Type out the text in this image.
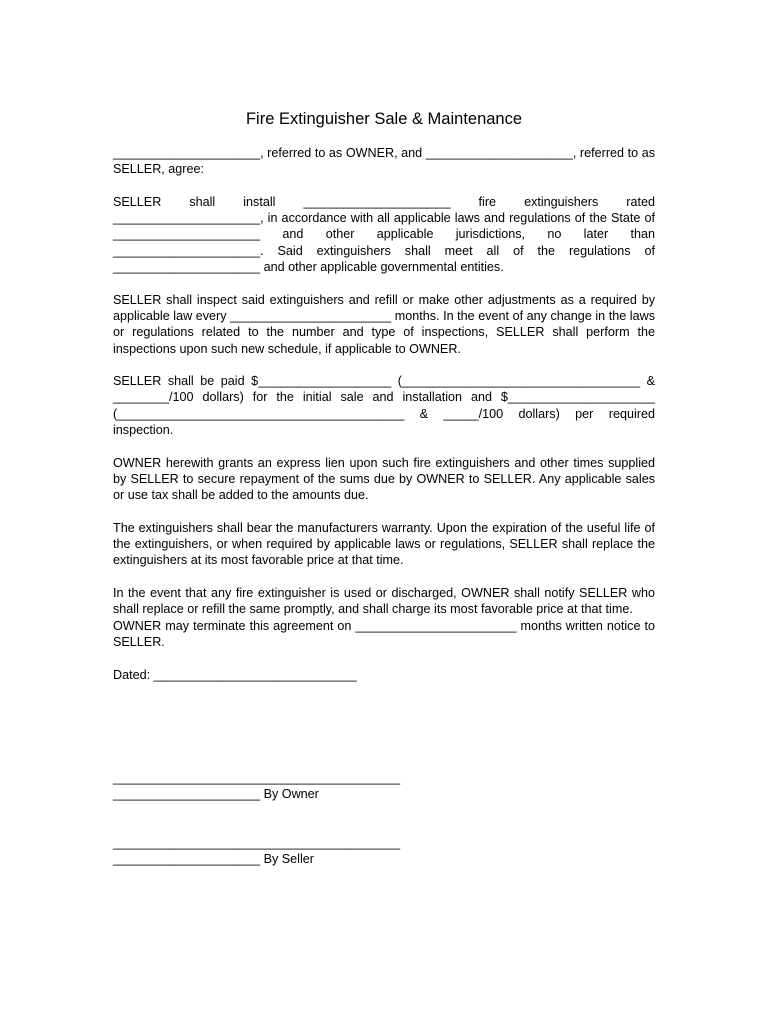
Fire Extinguisher Sale & Maintenance

_____________________, referred to as OWNER, and _____________________, referred to as SELLER, agree:

SELLER shall install _____________________ fire extinguishers rated _____________________, in accordance with all applicable laws and regulations of the State of _____________________ and other applicable jurisdictions, no later than _____________________. Said extinguishers shall meet all of the regulations of _____________________ and other applicable governmental entities.

SELLER shall inspect said extinguishers and refill or make other adjustments as a required by applicable law every _______________________ months. In the event of any change in the laws or regulations related to the number and type of inspections, SELLER shall perform the inspections upon such new schedule, if applicable to OWNER.

SELLER shall be paid $___________________ (__________________________________ & ________/100 dollars) for the initial sale and installation and $_____________________ (_________________________________________ & _____/100 dollars) per required inspection.

OWNER herewith grants an express lien upon such fire extinguishers and other times supplied by SELLER to secure repayment of the sums due by OWNER to SELLER. Any applicable sales or use tax shall be added to the amounts due.

The extinguishers shall bear the manufacturers warranty. Upon the expiration of the useful life of the extinguishers, or when required by applicable laws or regulations, SELLER shall replace the extinguishers at its most favorable price at that time.

In the event that any fire extinguisher is used or discharged, OWNER shall notify SELLER who shall replace or refill the same promptly, and shall charge its most favorable price at that time.

OWNER may terminate this agreement on _______________________ months written notice to SELLER.

Dated: _____________________________

_________________________________________
_____________________ By Owner
_________________________________________
_____________________ By Seller
